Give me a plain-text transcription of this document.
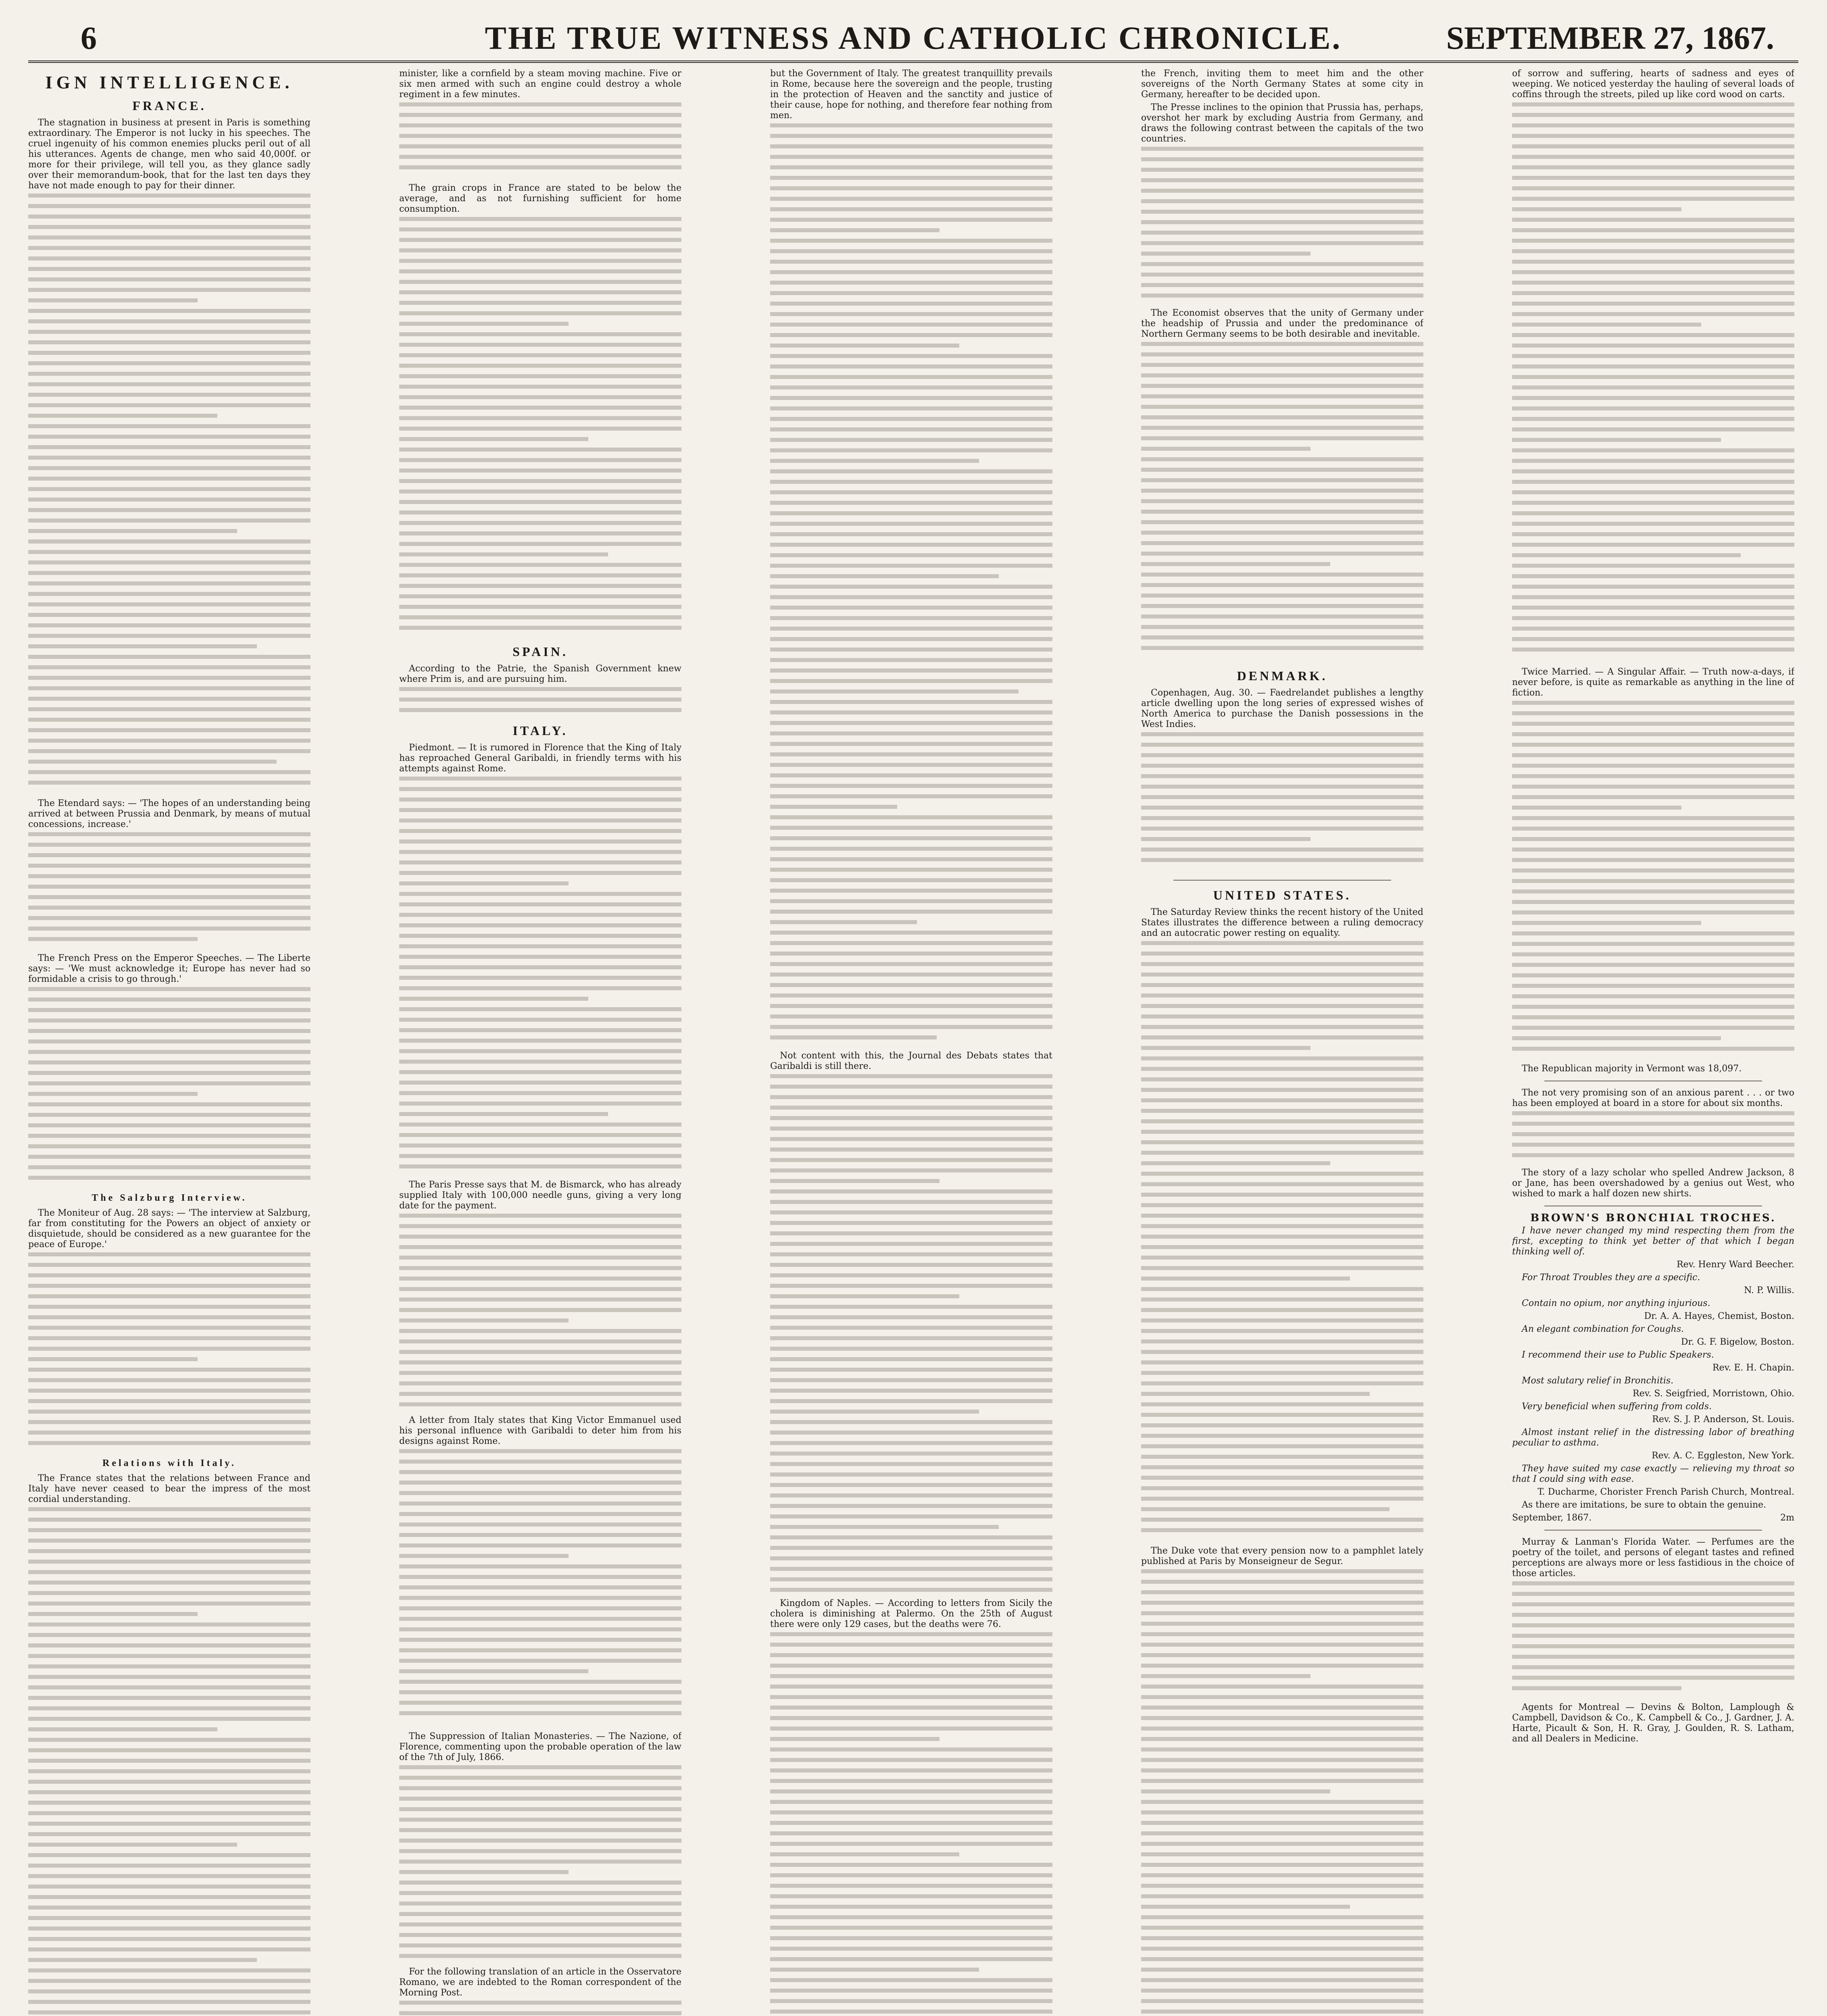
6	THE TRUE WITNESS AND CATHOLIC CHRONICLE.	SEPTEMBER 27, 1867.
IGN INTELLIGENCE.
FRANCE.

The stagnation in business at present in Paris is something extraordinary. The Emperor is not lucky in his speeches. The cruel ingenuity of his common enemies plucks peril out of all his utterances. Agents de change, men who said 40,000f. or more for their privilege, will tell you, as they glance sadly over their memorandum-book, that for the last ten days they have not made enough to pay for their dinner.

The Etendard says: — 'The hopes of an understanding being arrived at between Prussia and Denmark, by means of mutual concessions, increase.'

The French Press on the Emperor Speeches. — The Liberte says: — 'We must acknowledge it; Europe has never had so formidable a crisis to go through.'

The Salzburg Interview.

The Moniteur of Aug. 28 says: — 'The interview at Salzburg, far from constituting for the Powers an object of anxiety or disquietude, should be considered as a new guarantee for the peace of Europe.'

Relations with Italy.

The France states that the relations between France and Italy have never ceased to bear the impress of the most cordial understanding.

minister, like a cornfield by a steam moving machine. Five or six men armed with such an engine could destroy a whole regiment in a few minutes.

The grain crops in France are stated to be below the average, and as not furnishing sufficient for home consumption.

SPAIN.

According to the Patrie, the Spanish Government knew where Prim is, and are pursuing him.

ITALY.

Piedmont. — It is rumored in Florence that the King of Italy has reproached General Garibaldi, in friendly terms with his attempts against Rome.

The Paris Presse says that M. de Bismarck, who has already supplied Italy with 100,000 needle guns, giving a very long date for the payment.

A letter from Italy states that King Victor Emmanuel used his personal influence with Garibaldi to deter him from his designs against Rome.

The Suppression of Italian Monasteries. — The Nazione, of Florence, commenting upon the probable operation of the law of the 7th of July, 1866.

For the following translation of an article in the Osservatore Romano, we are indebted to the Roman correspondent of the Morning Post.

but the Government of Italy. The greatest tranquillity prevails in Rome, because here the sovereign and the people, trusting in the protection of Heaven and the sanctity and justice of their cause, hope for nothing, and therefore fear nothing from men.

Not content with this, the Journal des Debats states that Garibaldi is still there.

Kingdom of Naples. — According to letters from Sicily the cholera is diminishing at Palermo. On the 25th of August there were only 129 cases, but the deaths were 76.

the French, inviting them to meet him and the other sovereigns of the North Germany States at some city in Germany, hereafter to be decided upon.

The Presse inclines to the opinion that Prussia has, perhaps, overshot her mark by excluding Austria from Germany, and draws the following contrast between the capitals of the two countries.

The Economist observes that the unity of Germany under the headship of Prussia and under the predominance of Northern Germany seems to be both desirable and inevitable.

DENMARK.

Copenhagen, Aug. 30. — Faedrelandet publishes a lengthy article dwelling upon the long series of expressed wishes of North America to purchase the Danish possessions in the West Indies.

UNITED STATES.

The Saturday Review thinks the recent history of the United States illustrates the difference between a ruling democracy and an autocratic power resting on equality.

The Duke vote that every pension now to a pamphlet lately published at Paris by Monseigneur de Segur.

of sorrow and suffering, hearts of sadness and eyes of weeping. We noticed yesterday the hauling of several loads of coffins through the streets, piled up like cord wood on carts.

Twice Married. — A Singular Affair. — Truth now-a-days, if never before, is quite as remarkable as anything in the line of fiction.

The Republican majority in Vermont was 18,097.

The not very promising son of an anxious parent . . . or two has been employed at board in a store for about six months.

The story of a lazy scholar who spelled Andrew Jackson, 8 or Jane, has been overshadowed by a genius out West, who wished to mark a half dozen new shirts.

BROWN'S BRONCHIAL TROCHES.

I have never changed my mind respecting them from the first, excepting to think yet better of that which I began thinking well of.

Rev. Henry Ward Beecher.

For Throat Troubles they are a specific.

N. P. Willis.

Contain no opium, nor anything injurious.

Dr. A. A. Hayes, Chemist, Boston.

An elegant combination for Coughs.

Dr. G. F. Bigelow, Boston.

I recommend their use to Public Speakers.

Rev. E. H. Chapin.

Most salutary relief in Bronchitis.

Rev. S. Seigfried, Morristown, Ohio.

Very beneficial when suffering from colds.

Rev. S. J. P. Anderson, St. Louis.

Almost instant relief in the distressing labor of breathing peculiar to asthma.

Rev. A. C. Eggleston, New York.

They have suited my case exactly — relieving my throat so that I could sing with ease.

T. Ducharme, Chorister French Parish Church, Montreal.

As there are imitations, be sure to obtain the genuine.

September, 1867.	2m

Murray & Lanman's Florida Water. — Perfumes are the poetry of the toilet, and persons of elegant tastes and refined perceptions are always more or less fastidious in the choice of those articles.

Agents for Montreal — Devins & Bolton, Lamplough & Campbell, Davidson & Co., K. Campbell & Co., J. Gardner, J. A. Harte, Picault & Son, H. R. Gray, J. Goulden, R. S. Latham, and all Dealers in Medicine.
